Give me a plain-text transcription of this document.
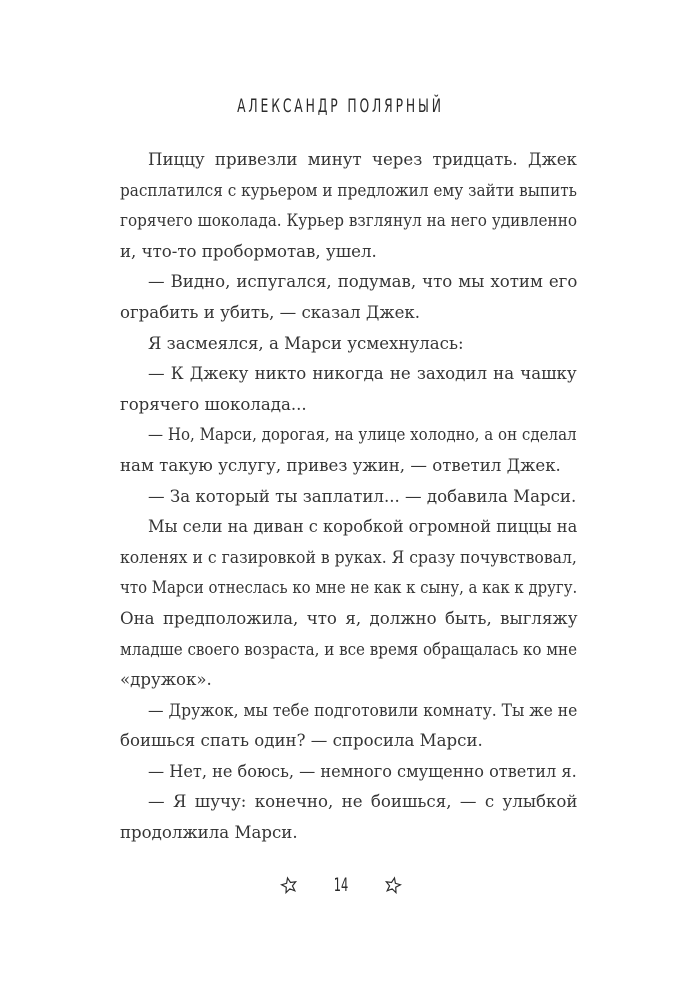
АЛЕКСАНДР ПОЛЯРНЫЙ
Пиццу привезли минут через тридцать. Джек
расплатился с курьером и предложил ему зайти выпить
горячего шоколада. Курьер взглянул на него удивленно
и, что-то пробормотав, ушел.
— Видно, испугался, подумав, что мы хотим его
ограбить и убить, — сказал Джек.
Я засмеялся, а Марси усмехнулась:
— К Джеку никто никогда не заходил на чашку
горячего шоколада...
— Но, Марси, дорогая, на улице холодно, а он сделал
нам такую услугу, привез ужин, — ответил Джек.
— За который ты заплатил... — добавила Марси.
Мы сели на диван с коробкой огромной пиццы на
коленях и с газировкой в руках. Я сразу почувствовал,
что Марси отнеслась ко мне не как к сыну, а как к другу.
Она предположила, что я, должно быть, выгляжу
младше своего возраста, и все время обращалась ко мне
«дружок».
— Дружок, мы тебе подготовили комнату. Ты же не
боишься спать один? — спросила Марси.
— Нет, не боюсь, — немного смущенно ответил я.
— Я шучу: конечно, не боишься, — с улыбкой
продолжила Марси.
14
